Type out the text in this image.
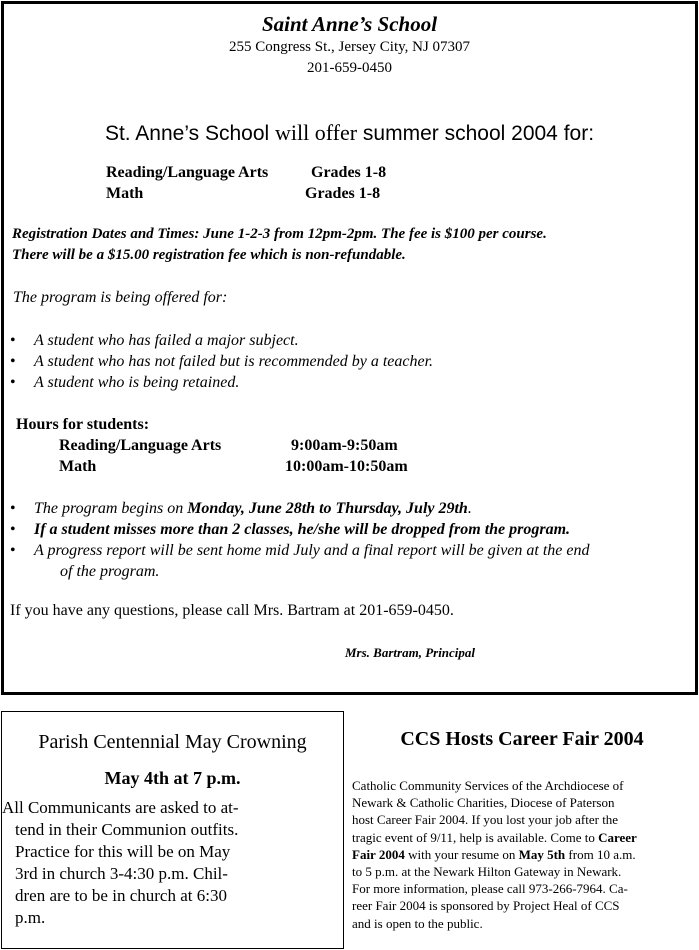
Saint Anne’s School
255 Congress St., Jersey City, NJ 07307
201-659-0450
St. Anne’s School will offer summer school 2004 for:
Reading/Language Arts	Grades 1-8
Math	Grades 1-8
Registration Dates and Times: June 1-2-3 from 12pm-2pm. The fee is $100 per course.
There will be a $15.00 registration fee which is non-refundable.
The program is being offered for:
• A student who has failed a major subject.
• A student who has not failed but is recommended by a teacher.
• A student who is being retained.
Hours for students:
Reading/Language Arts	9:00am-9:50am
Math	10:00am-10:50am
• The program begins on Monday, June 28th to Thursday, July 29th.
• If a student misses more than 2 classes, he/she will be dropped from the program.
• A progress report will be sent home mid July and a final report will be given at the end
of the program.
If you have any questions, please call Mrs. Bartram at 201-659-0450.
Mrs. Bartram, Principal
Parish Centennial May Crowning
May 4th at 7 p.m.
All Communicants are asked to at-
tend in their Communion outfits.
Practice for this will be on May
3rd in church 3-4:30 p.m. Chil-
dren are to be in church at 6:30
p.m.
CCS Hosts Career Fair 2004
Catholic Community Services of the Archdiocese of
Newark & Catholic Charities, Diocese of Paterson
host Career Fair 2004. If you lost your job after the
tragic event of 9/11, help is available. Come to Career
Fair 2004 with your resume on May 5th from 10 a.m.
to 5 p.m. at the Newark Hilton Gateway in Newark.
For more information, please call 973-266-7964. Ca-
reer Fair 2004 is sponsored by Project Heal of CCS
and is open to the public.
